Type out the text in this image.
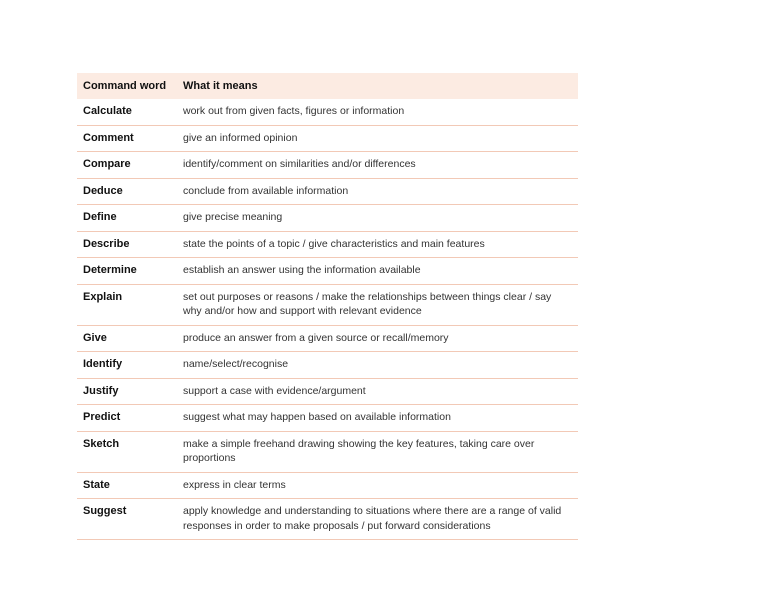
Command word	What it means
Calculate	work out from given facts, figures or information
Comment	give an informed opinion
Compare	identify/comment on similarities and/or differences
Deduce	conclude from available information
Define	give precise meaning
Describe	state the points of a topic / give characteristics and main features
Determine	establish an answer using the information available
Explain	set out purposes or reasons / make the relationships between things clear / say why and/or how and support with relevant evidence
Give	produce an answer from a given source or recall/memory
Identify	name/select/recognise
Justify	support a case with evidence/argument
Predict	suggest what may happen based on available information
Sketch	make a simple freehand drawing showing the key features, taking care over proportions
State	express in clear terms
Suggest	apply knowledge and understanding to situations where there are a range of valid responses in order to make proposals / put forward considerations
